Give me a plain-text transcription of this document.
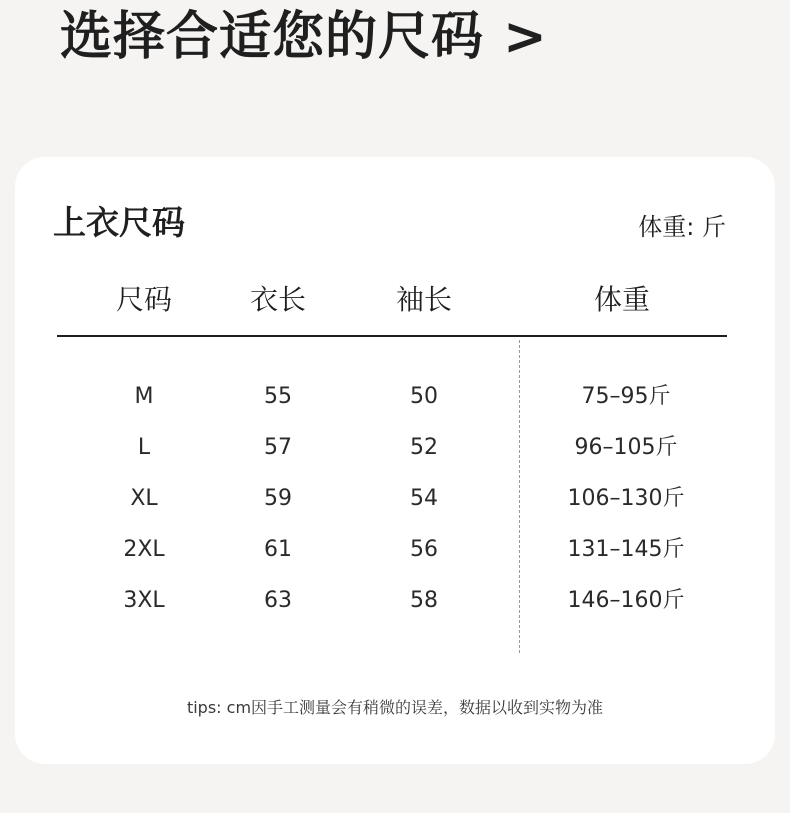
选择合适您的尺码 >
上衣尺码	体重: 斤
尺码	衣长	袖长	体重
M	55	50	75–95斤
L	57	52	96–105斤
XL	59	54	106–130斤
2XL	61	56	131–145斤
3XL	63	58	146–160斤
tips: cm因手工测量会有稍微的误差，数据以收到实物为准
